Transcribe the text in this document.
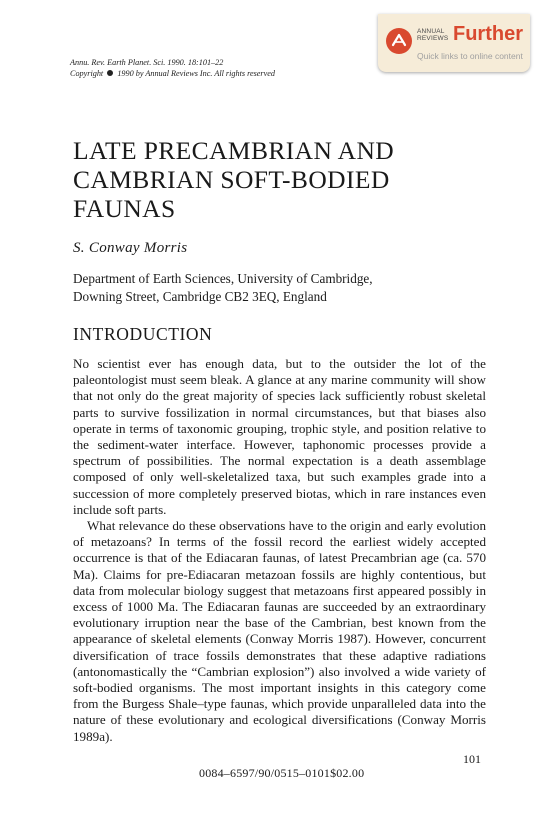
Annu. Rev. Earth Planet. Sci. 1990. 18:101–22
Copyright 1990 by Annual Reviews Inc. All rights reserved
ANNUAL
REVIEWS Further
Quick links to online content
LATE PRECAMBRIAN AND
CAMBRIAN SOFT-BODIED
FAUNAS
S. Conway Morris
Department of Earth Sciences, University of Cambridge,
Downing Street, Cambridge CB2 3EQ, England
INTRODUCTION

No scientist ever has enough data, but to the outsider the lot of the paleontologist must seem bleak. A glance at any marine community will show that not only do the great majority of species lack sufficiently robust skeletal parts to survive fossilization in normal circumstances, but that biases also operate in terms of taxonomic grouping, trophic style, and position relative to the sediment-water interface. However, taphonomic processes provide a spectrum of possibilities. The normal expectation is a death assemblage composed of only well-skeletalized taxa, but such examples grade into a succession of more completely preserved biotas, which in rare instances even include soft parts.

What relevance do these observations have to the origin and early evolution of metazoans? In terms of the fossil record the earliest widely accepted occurrence is that of the Ediacaran faunas, of latest Precambrian age (ca. 570 Ma). Claims for pre-Ediacaran metazoan fossils are highly contentious, but data from molecular biology suggest that metazoans first appeared possibly in excess of 1000 Ma. The Ediacaran faunas are succeeded by an extraordinary evolutionary irruption near the base of the Cambrian, best known from the appearance of skeletal elements (Conway Morris 1987). However, concurrent diversification of trace fossils demonstrates that these adaptive radiations (antonomastically the “Cambrian explosion”) also involved a wide variety of soft-bodied organisms. The most important insights in this category come from the Burgess Shale–type faunas, which provide unparalleled data into the nature of these evolutionary and ecological diversifications (Conway Morris 1989a).

101
0084–6597/90/0515–0101$02.00
